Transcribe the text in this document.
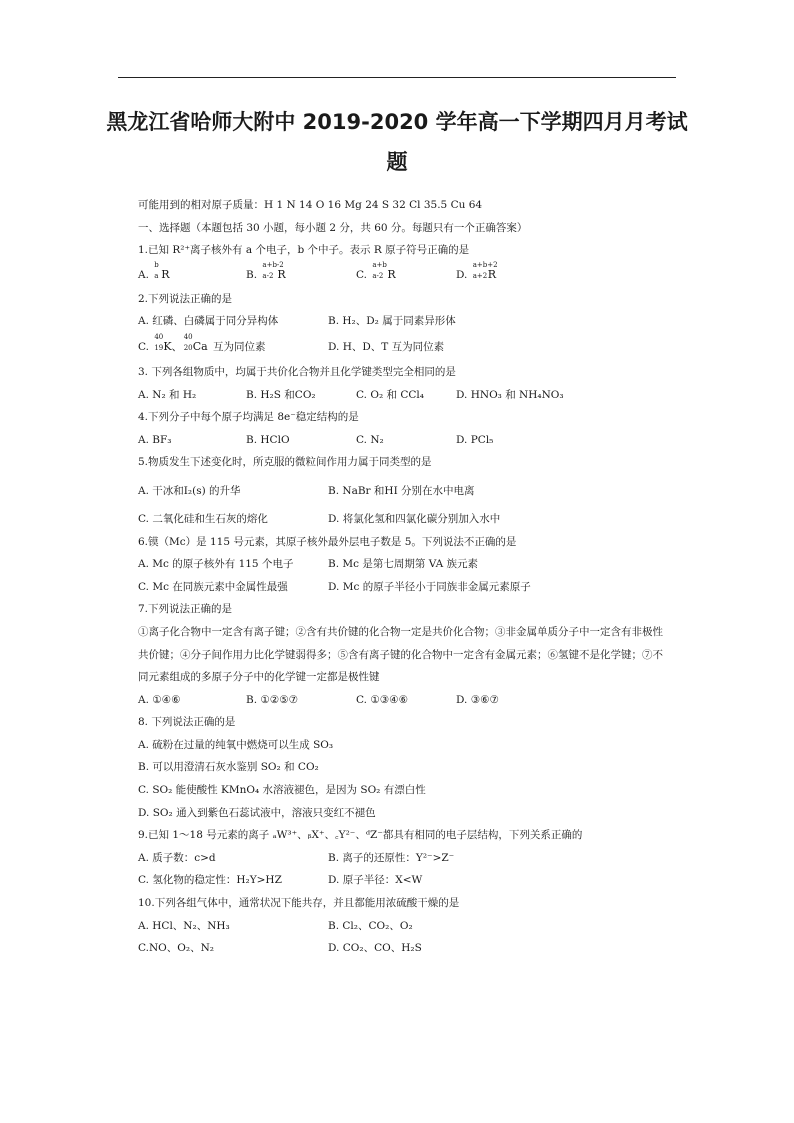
黑龙江省哈师大附中 2019-2020 学年高一下学期四月月考试
题
可能用到的相对原子质量：H 1 N 14 O 16 Mg 24 S 32 Cl 35.5 Cu 64
一、选择题（本题包括 30 小题，每小题 2 分，共 60 分。每题只有一个正确答案）
1.已知 R²⁺离子核外有 a 个电子，b 个中子。表示 R 原子符号正确的是
A.
b
a R	B.
a+b-2
a-2 R	C.
a+b
a-2 R	D.
a+b+2
a+2 R
2.下列说法正确的是
A. 红磷、白磷属于同分异构体	B. H₂、D₂ 属于同素异形体
C.
40
19 K、

40
20 Ca 互为同位素	D. H、D、T 互为同位素
3. 下列各组物质中，均属于共价化合物并且化学键类型完全相同的是
A. N₂ 和 H₂	B. H₂S 和CO₂	C. O₂ 和 CCl₄	D. HNO₃ 和 NH₄NO₃
4.下列分子中每个原子均满足 8e⁻稳定结构的是
A. BF₃	B. HClO	C. N₂	D. PCl₅
5.物质发生下述变化时，所克服的微粒间作用力属于同类型的是
A. 干冰和I₂(s) 的升华	B. NaBr 和HI 分别在水中电离
C. 二氧化硅和生石灰的熔化	D. 将氯化氢和四氯化碳分别加入水中
6.镆（Mc）是 115 号元素，其原子核外最外层电子数是 5。下列说法不正确的是
A. Mc 的原子核外有 115 个电子	B. Mc 是第七周期第 VA 族元素
C. Mc 在同族元素中金属性最强	D. Mc 的原子半径小于同族非金属元素原子
7.下列说法正确的是
①离子化合物中一定含有离子键；②含有共价键的化合物一定是共价化合物；③非金属单质分子中一定含有非极性
共价键；④分子间作用力比化学键弱得多；⑤含有离子键的化合物中一定含有金属元素；⑥氢键不是化学键；⑦不
同元素组成的多原子分子中的化学键一定都是极性键
A. ①④⑥	B. ①②⑤⑦	C. ①③④⑥	D. ③⑥⑦
8. 下列说法正确的是
A. 硫粉在过量的纯氧中燃烧可以生成 SO₃
B. 可以用澄清石灰水鉴别 SO₂ 和 CO₂
C. SO₂ 能使酸性 KMnO₄ 水溶液褪色，是因为 SO₂ 有漂白性
D. SO₂ 通入到紫色石蕊试液中，溶液只变红不褪色
9.已知 1～18 号元素的离子 ₐW³⁺、ᵦX⁺、꜀Y²⁻、ᵈZ⁻都具有相同的电子层结构，下列关系正确的
A. 质子数：c>d	B. 离子的还原性：Y²⁻>Z⁻
C. 氢化物的稳定性：H₂Y>HZ	D. 原子半径：X<W
10.下列各组气体中，通常状况下能共存，并且都能用浓硫酸干燥的是
A. HCl、N₂、NH₃	B. Cl₂、CO₂、O₂
C.NO、O₂、N₂	D. CO₂、CO、H₂S
